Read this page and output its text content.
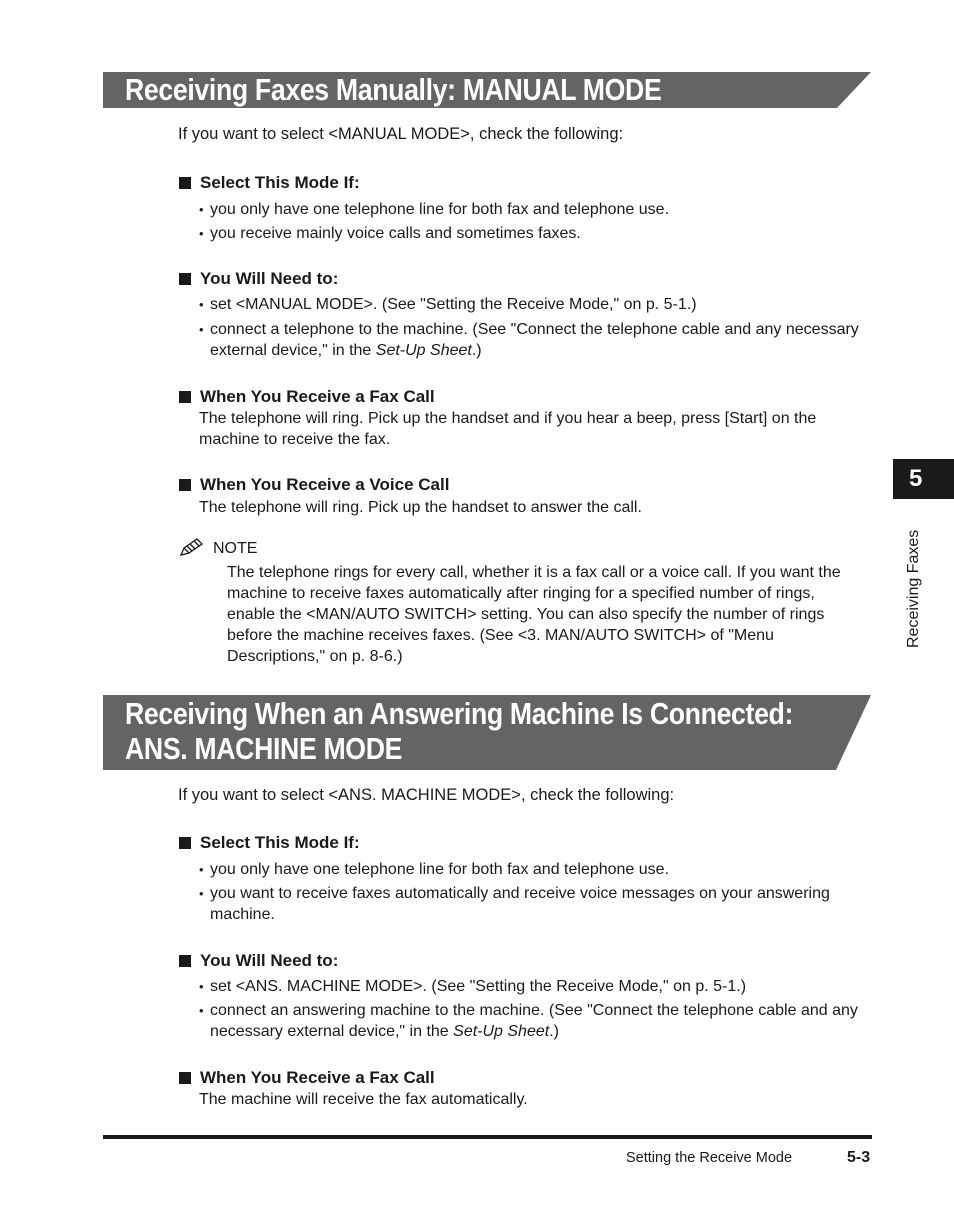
Receiving Faxes Manually: MANUAL MODE
If you want to select <MANUAL MODE>, check the following:
Select This Mode If:
• you only have one telephone line for both fax and telephone use.
• you receive mainly voice calls and sometimes faxes.
You Will Need to:
• set <MANUAL MODE>. (See "Setting the Receive Mode," on p. 5-1.)
• connect a telephone to the machine. (See "Connect the telephone cable and any necessary external device," in the Set-Up Sheet.)
When You Receive a Fax Call
The telephone will ring. Pick up the handset and if you hear a beep, press [Start] on the machine to receive the fax.
When You Receive a Voice Call
The telephone will ring. Pick up the handset to answer the call.
NOTE
The telephone rings for every call, whether it is a fax call or a voice call. If you want the machine to receive faxes automatically after ringing for a specified number of rings, enable the <MAN/AUTO SWITCH> setting. You can also specify the number of rings before the machine receives faxes. (See <3. MAN/AUTO SWITCH> of "Menu Descriptions," on p. 8-6.)
Receiving When an Answering Machine Is Connected:
ANS. MACHINE MODE
If you want to select <ANS. MACHINE MODE>, check the following:
Select This Mode If:
• you only have one telephone line for both fax and telephone use.
• you want to receive faxes automatically and receive voice messages on your answering machine.
You Will Need to:
• set <ANS. MACHINE MODE>. (See "Setting the Receive Mode," on p. 5-1.)
• connect an answering machine to the machine. (See "Connect the telephone cable and any necessary external device," in the Set-Up Sheet.)
When You Receive a Fax Call
The machine will receive the fax automatically.
5
Receiving Faxes
Setting the Receive Mode	5-3
